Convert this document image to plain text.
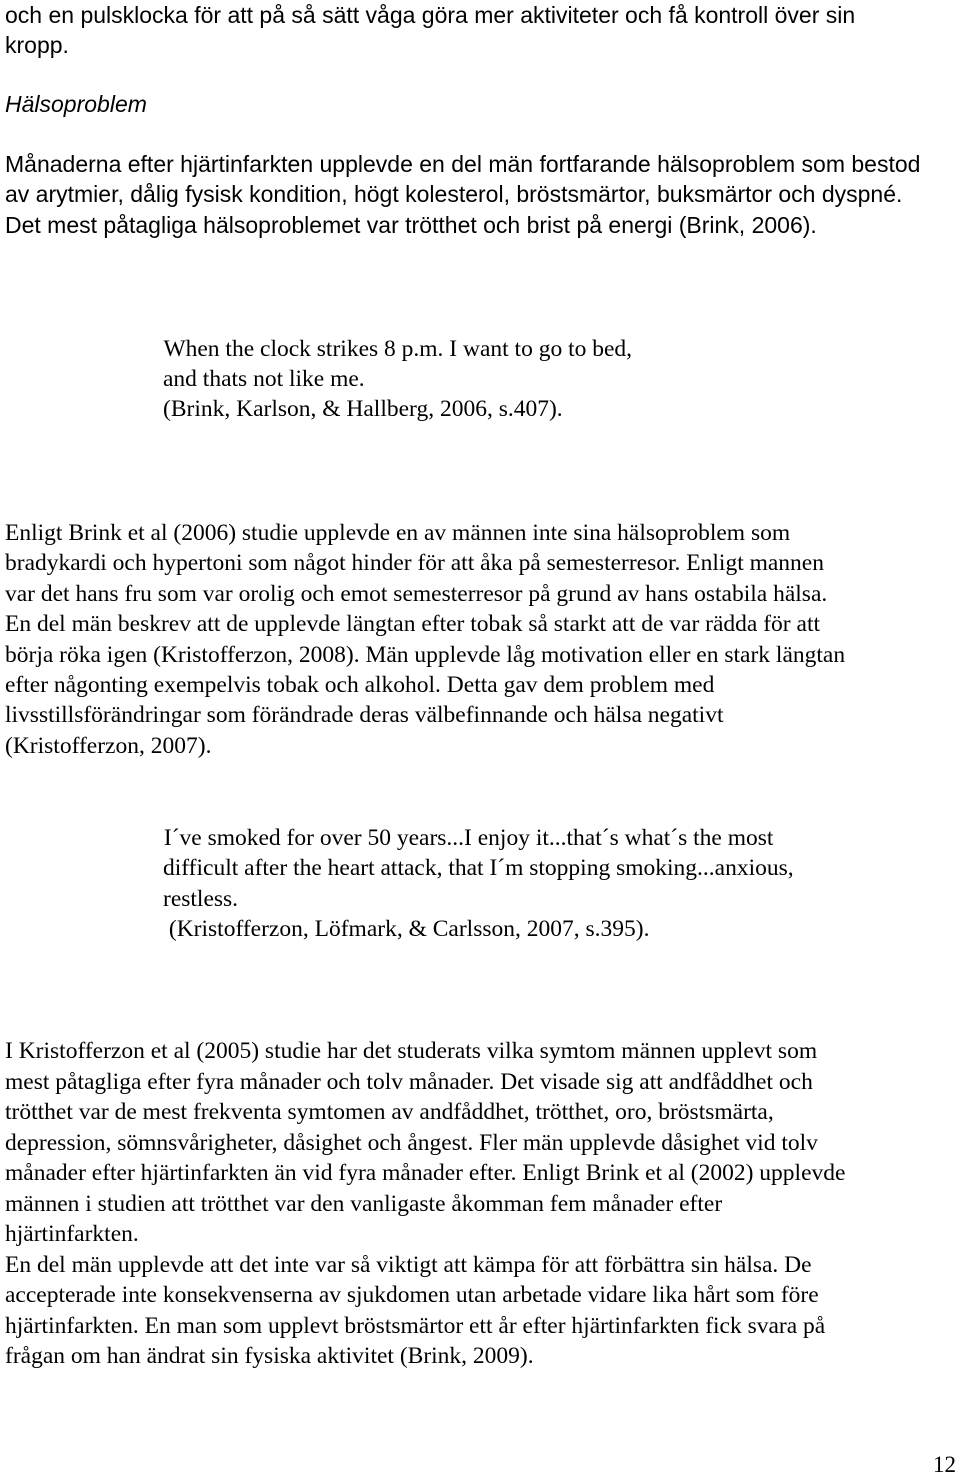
och en pulsklocka för att på så sätt våga göra mer aktiviteter och få kontroll över sin

kropp.

Hälsoproblem

Månaderna efter hjärtinfarkten upplevde en del män fortfarande hälsoproblem som bestod

av arytmier, dålig fysisk kondition, högt kolesterol, bröstsmärtor, buksmärtor och dyspné.

Det mest påtagliga hälsoproblemet var trötthet och brist på energi (Brink, 2006).

When the clock strikes 8 p.m. I want to go to bed,

and thats not like me.

(Brink, Karlson, & Hallberg, 2006, s.407).

Enligt Brink et al (2006) studie upplevde en av männen inte sina hälsoproblem som

bradykardi och hypertoni som något hinder för att åka på semesterresor. Enligt mannen

var det hans fru som var orolig och emot semesterresor på grund av hans ostabila hälsa.

En del män beskrev att de upplevde längtan efter tobak så starkt att de var rädda för att

börja röka igen (Kristofferzon, 2008). Män upplevde låg motivation eller en stark längtan

efter någonting exempelvis tobak och alkohol. Detta gav dem problem med

livsstillsförändringar som förändrade deras välbefinnande och hälsa negativt

(Kristofferzon, 2007).

I´ve smoked for over 50 years...I enjoy it...that´s what´s the most

difficult after the heart attack, that I´m stopping smoking...anxious,

restless.

(Kristofferzon, Löfmark, & Carlsson, 2007, s.395).

I Kristofferzon et al (2005) studie har det studerats vilka symtom männen upplevt som

mest påtagliga efter fyra månader och tolv månader. Det visade sig att andfåddhet och

trötthet var de mest frekventa symtomen av andfåddhet, trötthet, oro, bröstsmärta,

depression, sömnsvårigheter, dåsighet och ångest. Fler män upplevde dåsighet vid tolv

månader efter hjärtinfarkten än vid fyra månader efter. Enligt Brink et al (2002) upplevde

männen i studien att trötthet var den vanligaste åkomman fem månader efter

hjärtinfarkten.

En del män upplevde att det inte var så viktigt att kämpa för att förbättra sin hälsa. De

accepterade inte konsekvenserna av sjukdomen utan arbetade vidare lika hårt som före

hjärtinfarkten. En man som upplevt bröstsmärtor ett år efter hjärtinfarkten fick svara på

frågan om han ändrat sin fysiska aktivitet (Brink, 2009).

12
